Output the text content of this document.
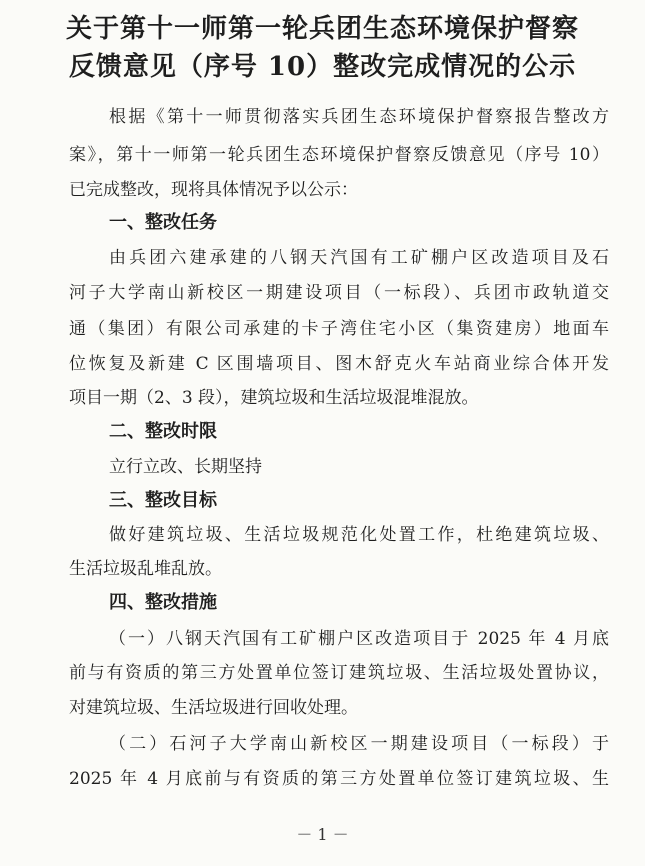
关于第十一师第一轮兵团生态环境保护督察
反馈意见（序号 10）整改完成情况的公示
根据《第十一师贯彻落实兵团生态环境保护督察报告整改方
案》，第十一师第一轮兵团生态环境保护督察反馈意见（序号 10）
已完成整改，现将具体情况予以公示：
一、整改任务
由兵团六建承建的八钢天汽国有工矿棚户区改造项目及石
河子大学南山新校区一期建设项目（一标段）、兵团市政轨道交
通（集团）有限公司承建的卡子湾住宅小区（集资建房）地面车
位恢复及新建 C 区围墙项目、图木舒克火车站商业综合体开发
项目一期（2、3 段），建筑垃圾和生活垃圾混堆混放。
二、整改时限
立行立改、长期坚持
三、整改目标
做好建筑垃圾、生活垃圾规范化处置工作，杜绝建筑垃圾、
生活垃圾乱堆乱放。
四、整改措施
（一）八钢天汽国有工矿棚户区改造项目于 2025 年 4 月底
前与有资质的第三方处置单位签订建筑垃圾、生活垃圾处置协议，
对建筑垃圾、生活垃圾进行回收处理。
（二）石河子大学南山新校区一期建设项目（一标段）于
2025 年 4 月底前与有资质的第三方处置单位签订建筑垃圾、生
－ 1 －
